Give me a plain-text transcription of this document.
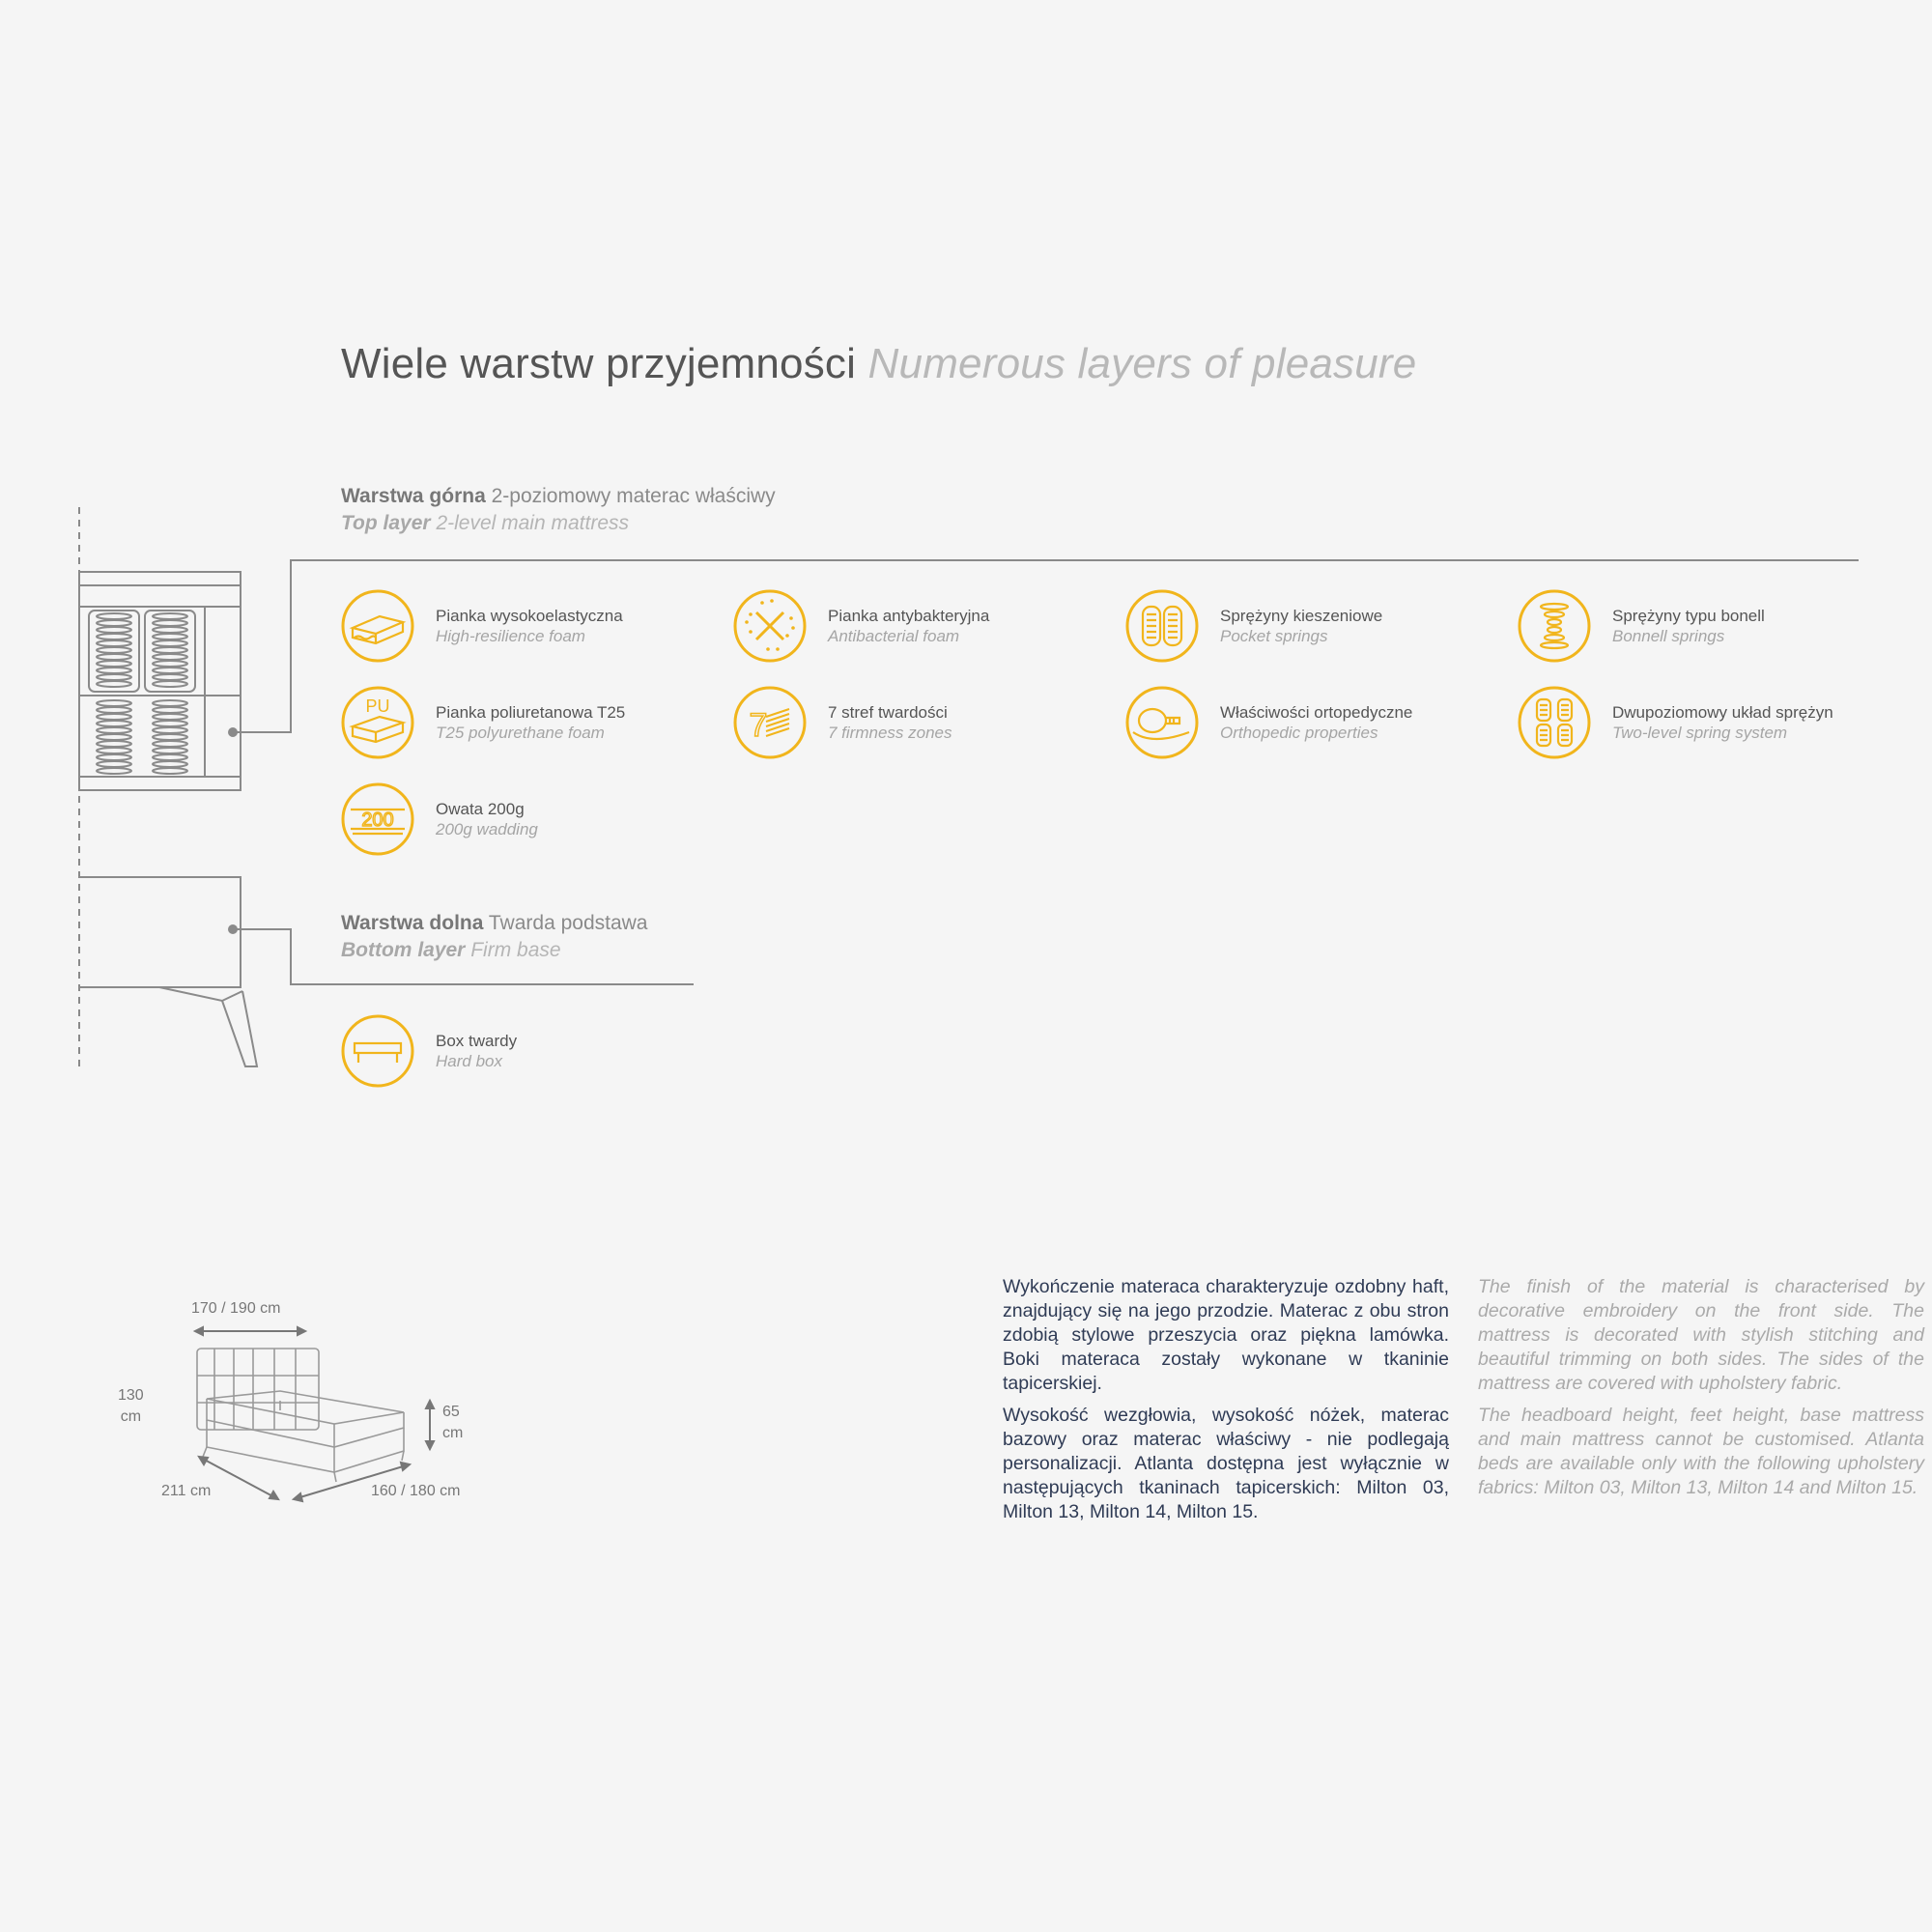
Wiele warstw przyjemności Numerous layers of pleasure
Warstwa górna 2-poziomowy materac właściwy
Top layer 2-level main mattress
Warstwa dolna Twarda podstawa
Bottom layer Firm base
Pianka wysokoelastyczna
High-resilience foam
Pianka antybakteryjna
Antibacterial foam
Sprężyny kieszeniowe
Pocket springs
Sprężyny typu bonell
Bonnell springs
PU	Pianka poliuretanowa T25
T25 polyurethane foam	7	7 stref twardości
7 firmness zones
Właściwości ortopedyczne
Orthopedic properties
Dwupoziomowy układ sprężyn
Two-level spring system
200
Owata 200g
200g wadding
Box twardy
Hard box
170 / 190 cm
130
cm	65
cm
211 cm	160 / 180 cm

Wykończenie materaca charakteryzuje ozdobny haft, znajdujący się na jego przodzie. Materac z obu stron zdobią stylowe przeszycia oraz piękna lamówka. Boki materaca zostały wykonane w tkaninie tapicerskiej.

Wysokość wezgłowia, wysokość nóżek, materac bazowy oraz materac właściwy - nie podlegają personalizacji. Atlanta dostępna jest wyłącznie w następujących tkaninach tapicerskich: Milton 03, Milton 13, Milton 14, Milton 15.

The finish of the material is characterised by decorative embroidery on the front side. The mattress is decorated with stylish stitching and beautiful trimming on both sides. The sides of the mattress are covered with upholstery fabric.

The headboard height, feet height, base mattress and main mattress cannot be customised. Atlanta beds are available only with the following upholstery fabrics: Milton 03, Milton 13, Milton 14 and Milton 15.
